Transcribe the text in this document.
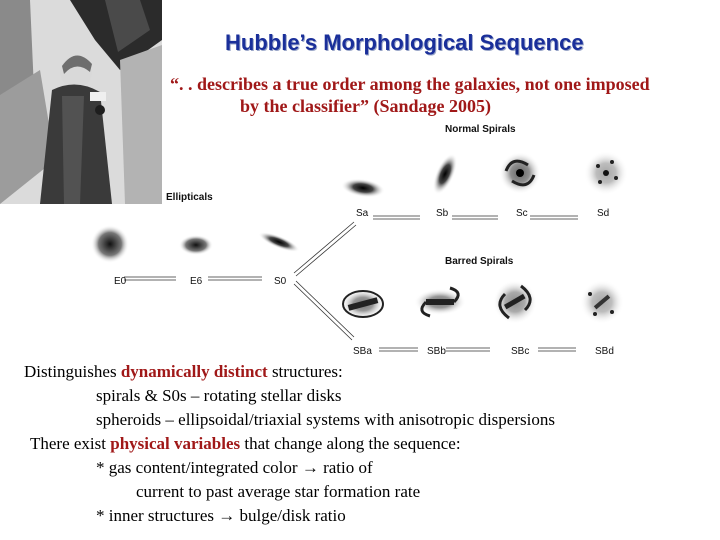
Hubble’s Morphological Sequence
“. . describes a true order among the galaxies, not one imposed
by the classifier” (Sandage 2005)
Normal Spirals
Ellipticals
Barred Spirals
E0	E6	S0
Sa	Sb	Sc	Sd
SBa	SBb	SBc	SBd
Distinguishes dynamically distinct structures:
spirals & S0s – rotating stellar disks
spheroids – ellipsoidal/triaxial systems with anisotropic dispersions
There exist physical variables that change along the sequence:
* gas content/integrated color → ratio of
current to past average star formation rate
* inner structures → bulge/disk ratio
